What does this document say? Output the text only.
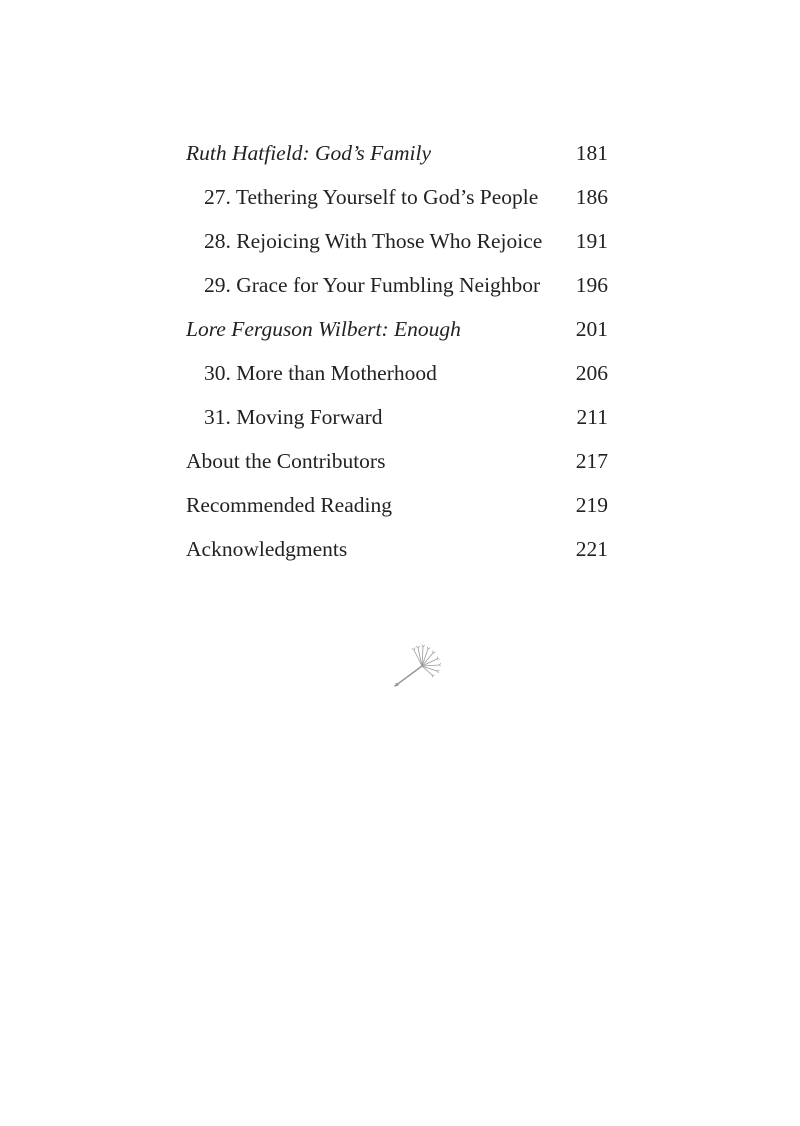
Ruth Hatfield: God’s Family	181
27. Tethering Yourself to God’s People 186
28. Rejoicing With Those Who Rejoice 191
29. Grace for Your Fumbling Neighbor 196
Lore Ferguson Wilbert: Enough	201
30. More than Motherhood	206
31. Moving Forward	211
About the Contributors	217
Recommended Reading	219
Acknowledgments	221
